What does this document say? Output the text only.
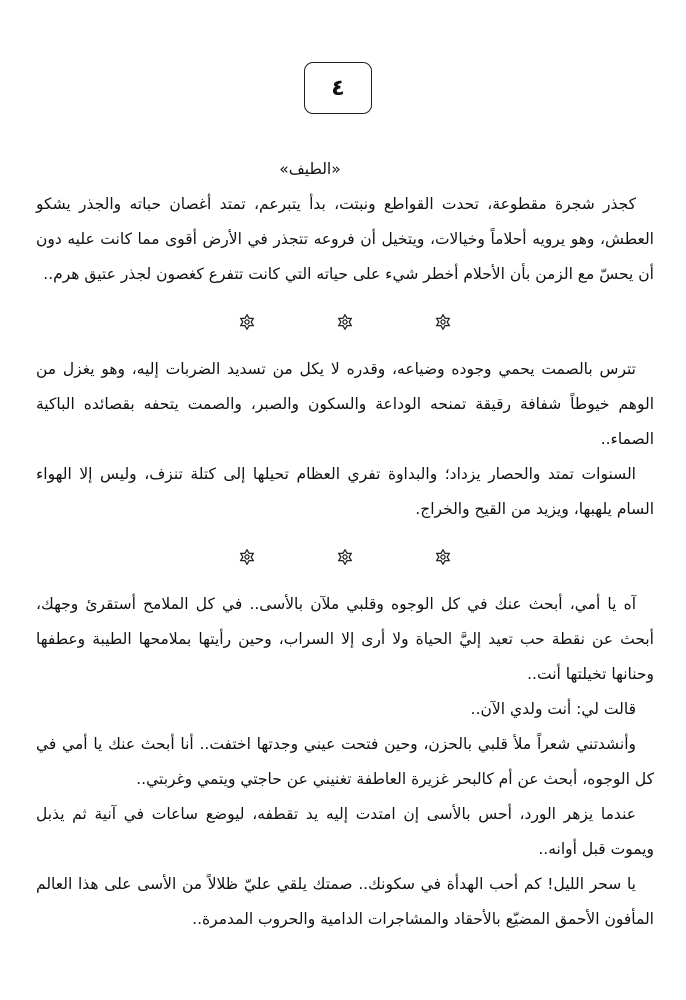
٤

«الطيف»

كجذر شجرة مقطوعة، تحدت القواطع ونبتت، بدأ يتبرعم، تمتد أغصان حباته والجذر يشكو العطش، وهو يرويه أحلاماً وخيالات، ويتخيل أن فروعه تتجذر في الأرض أقوى مما كانت عليه دون أن يحسّ مع الزمن بأن الأحلام أخطر شيء على حياته التي كانت تتفرع كغصون لجذر عتيق هرم..

تترس بالصمت يحمي وجوده وضياعه، وقدره لا يكل من تسديد الضربات إليه، وهو يغزل من الوهم خيوطاً شفافة رقيقة تمنحه الوداعة والسكون والصبر، والصمت يتحفه بقصائده الباكية الصماء..

السنوات تمتد والحصار يزداد؛ والبداوة تفري العظام تحيلها إلى كتلة تنزف، وليس إلا الهواء السام يلهبها، ويزيد من القيح والخراج.

آه يا أمي، أبحث عنك في كل الوجوه وقلبي ملآن بالأسى.. في كل الملامح أستقرئ وجهك، أبحث عن نقطة حب تعيد إليَّ الحياة ولا أرى إلا السراب، وحين رأيتها بملامحها الطيبة وعطفها وحنانها تخيلتها أنت..

قالت لي: أنت ولدي الآن..

وأنشدتني شعراً ملأ قلبي بالحزن، وحين فتحت عيني وجدتها اختفت.. أنا أبحث عنك يا أمي في كل الوجوه، أبحث عن أم كالبحر غزيرة العاطفة تغنيني عن حاجتي ويتمي وغربتي..

عندما يزهر الورد، أحس بالأسى إن امتدت إليه يد تقطفه، ليوضع ساعات في آنية ثم يذبل ويموت قبل أوانه..

يا سحر الليل! كم أحب الهدأة في سكونك.. صمتك يلقي عليّ ظلالاً من الأسى على هذا العالم المأفون الأحمق المضيّع بالأحقاد والمشاجرات الدامية والحروب المدمرة..
